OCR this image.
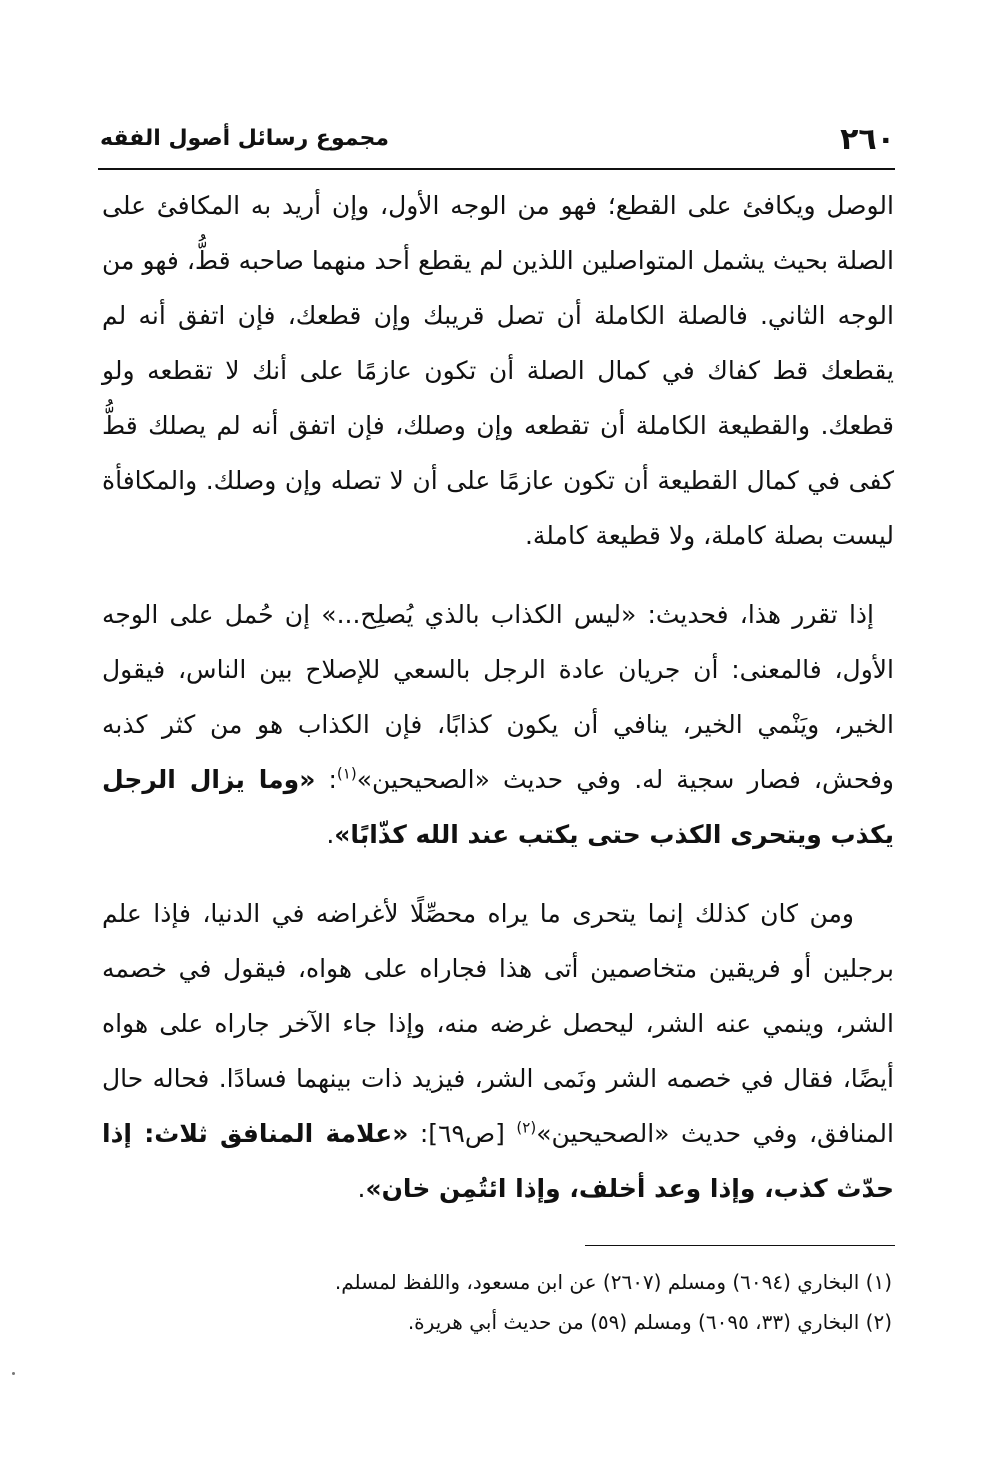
٢٦٠
مجموع رسائل أصول الفقه

الوصل ويكافئ على القطع؛ فهو من الوجه الأول، وإن أريد به المكافئ على الصلة بحيث يشمل المتواصلين اللذين لم يقطع أحد منهما صاحبه قطُّ، فهو من الوجه الثاني. فالصلة الكاملة أن تصل قريبك وإن قطعك، فإن اتفق أنه لم يقطعك قط كفاك في كمال الصلة أن تكون عازمًا على أنك لا تقطعه ولو قطعك. والقطيعة الكاملة أن تقطعه وإن وصلك، فإن اتفق أنه لم يصلك قطُّ كفى في كمال القطيعة أن تكون عازمًا على أن لا تصله وإن وصلك. والمكافأة ليست بصلة كاملة، ولا قطيعة كاملة.

إذا تقرر هذا، فحديث: «ليس الكذاب بالذي يُصلِح...» إن حُمل على الوجه الأول، فالمعنى: أن جريان عادة الرجل بالسعي للإصلاح بين الناس، فيقول الخير، ويَنْمي الخير، ينافي أن يكون كذابًا، فإن الكذاب هو من كثر كذبه وفحش، فصار سجية له. وفي حديث «الصحيحين»$^{(١)}$: «وما يزال الرجل يكذب ويتحرى الكذب حتى يكتب عند الله كذّابًا».

ومن كان كذلك إنما يتحرى ما يراه محصِّلًا لأغراضه في الدنيا، فإذا علم برجلين أو فريقين متخاصمين أتى هذا فجاراه على هواه، فيقول في خصمه الشر، وينمي عنه الشر، ليحصل غرضه منه، وإذا جاء الآخر جاراه على هواه أيضًا، فقال في خصمه الشر ونَمى الشر، فيزيد ذات بينهما فسادًا. فحاله حال المنافق، وفي حديث «الصحيحين»$^{(٢)}$ [ص٦٩]: «علامة المنافق ثلاث: إذا حدّث كذب، وإذا وعد أخلف، وإذا ائتُمِن خان».

(١) البخاري (٦٠٩٤) ومسلم (٢٦٠٧) عن ابن مسعود، واللفظ لمسلم.
(٢) البخاري (٣٣، ٦٠٩٥) ومسلم (٥٩) من حديث أبي هريرة.
